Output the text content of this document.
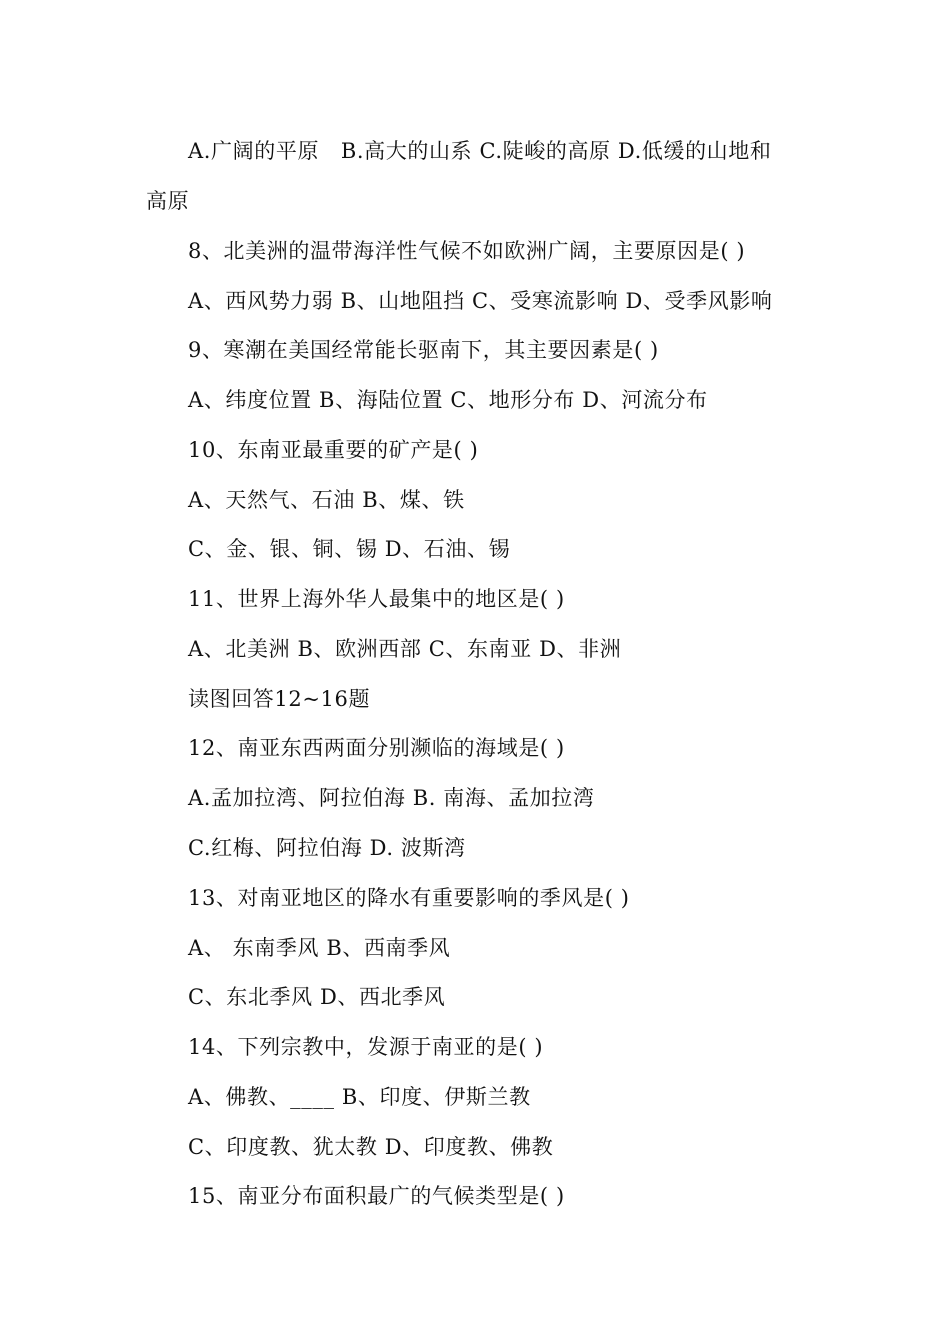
A.广阔的平原   B.高大的山系 C.陡峻的高原 D.低缓的山地和
高原
8、北美洲的温带海洋性气候不如欧洲广阔，主要原因是( )
A、西风势力弱 B、山地阻挡 C、受寒流影响 D、受季风影响
9、寒潮在美国经常能长驱南下，其主要因素是( )
A、纬度位置 B、海陆位置 C、地形分布 D、河流分布
10、东南亚最重要的矿产是( )
A、天然气、石油 B、煤、铁
C、金、银、铜、锡 D、石油、锡
11、世界上海外华人最集中的地区是( )
A、北美洲 B、欧洲西部 C、东南亚 D、非洲
读图回答12~16题
12、南亚东西两面分别濒临的海域是( )
A.孟加拉湾、阿拉伯海 B. 南海、孟加拉湾
C.红梅、阿拉伯海 D. 波斯湾
13、对南亚地区的降水有重要影响的季风是( )
A、 东南季风 B、西南季风
C、东北季风 D、西北季风
14、下列宗教中，发源于南亚的是( )
A、佛教、____ B、印度、伊斯兰教
C、印度教、犹太教 D、印度教、佛教
15、南亚分布面积最广的气候类型是( )
